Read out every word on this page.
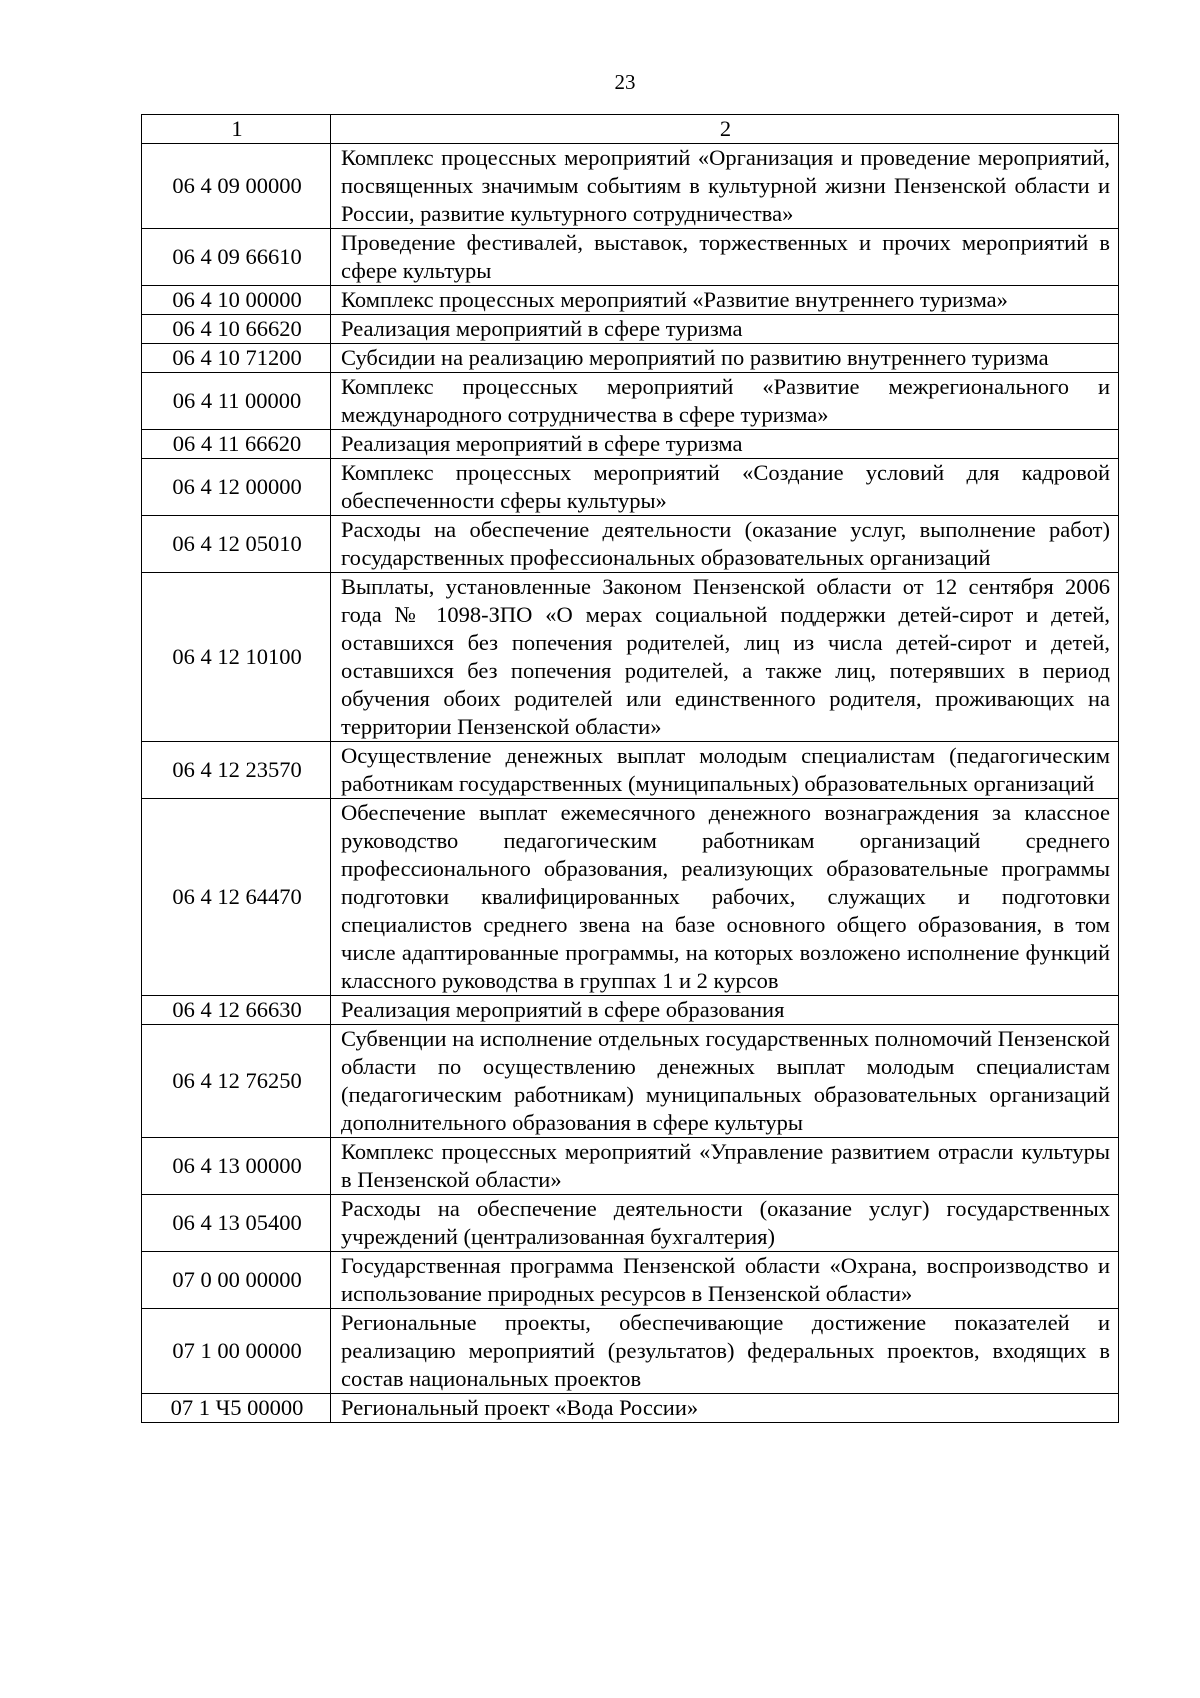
23
1	2
06 4 09 00000	Комплекс процессных мероприятий «Организация и проведение мероприятий, посвященных значимым событиям в культурной жизни Пензенской области и России, развитие культурного сотрудничества»
06 4 09 66610	Проведение фестивалей, выставок, торжественных и прочих мероприятий в сфере культуры
06 4 10 00000	Комплекс процессных мероприятий «Развитие внутреннего туризма»
06 4 10 66620	Реализация мероприятий в сфере туризма
06 4 10 71200	Субсидии на реализацию мероприятий по развитию внутреннего туризма
06 4 11 00000	Комплекс процессных мероприятий «Развитие межрегионального и международного сотрудничества в сфере туризма»
06 4 11 66620	Реализация мероприятий в сфере туризма
06 4 12 00000	Комплекс процессных мероприятий «Создание условий для кадровой обеспеченности сферы культуры»
06 4 12 05010	Расходы на обеспечение деятельности (оказание услуг, выполнение работ) государственных профессиональных образовательных организаций
06 4 12 10100	Выплаты, установленные Законом Пензенской области от 12 сентября 2006 года № 1098-ЗПО «О мерах социальной поддержки детей-сирот и детей, оставшихся без попечения родителей, лиц из числа детей-сирот и детей, оставшихся без попечения родителей, а также лиц, потерявших в период обучения обоих родителей или единственного родителя, проживающих на территории Пензенской области»
06 4 12 23570	Осуществление денежных выплат молодым специалистам (педагогическим работникам государственных (муниципальных) образовательных организаций
06 4 12 64470	Обеспечение выплат ежемесячного денежного вознаграждения за классное руководство педагогическим работникам организаций среднего профессионального образования, реализующих образовательные программы подготовки квалифицированных рабочих, служащих и подготовки специалистов среднего звена на базе основного общего образования, в том числе адаптированные программы, на которых возложено исполнение функций классного руководства в группах 1 и 2 курсов
06 4 12 66630	Реализация мероприятий в сфере образования
06 4 12 76250	Субвенции на исполнение отдельных государственных полномочий Пензенской области по осуществлению денежных выплат молодым специалистам (педагогическим работникам) муниципальных образовательных организаций дополнительного образования в сфере культуры
06 4 13 00000	Комплекс процессных мероприятий «Управление развитием отрасли культуры в Пензенской области»
06 4 13 05400	Расходы на обеспечение деятельности (оказание услуг) государственных учреждений (централизованная бухгалтерия)
07 0 00 00000	Государственная программа Пензенской области «Охрана, воспроизводство и использование природных ресурсов в Пензенской области»
07 1 00 00000	Региональные проекты, обеспечивающие достижение показателей и реализацию мероприятий (результатов) федеральных проектов, входящих в состав национальных проектов
07 1 Ч5 00000	Региональный проект «Вода России»
